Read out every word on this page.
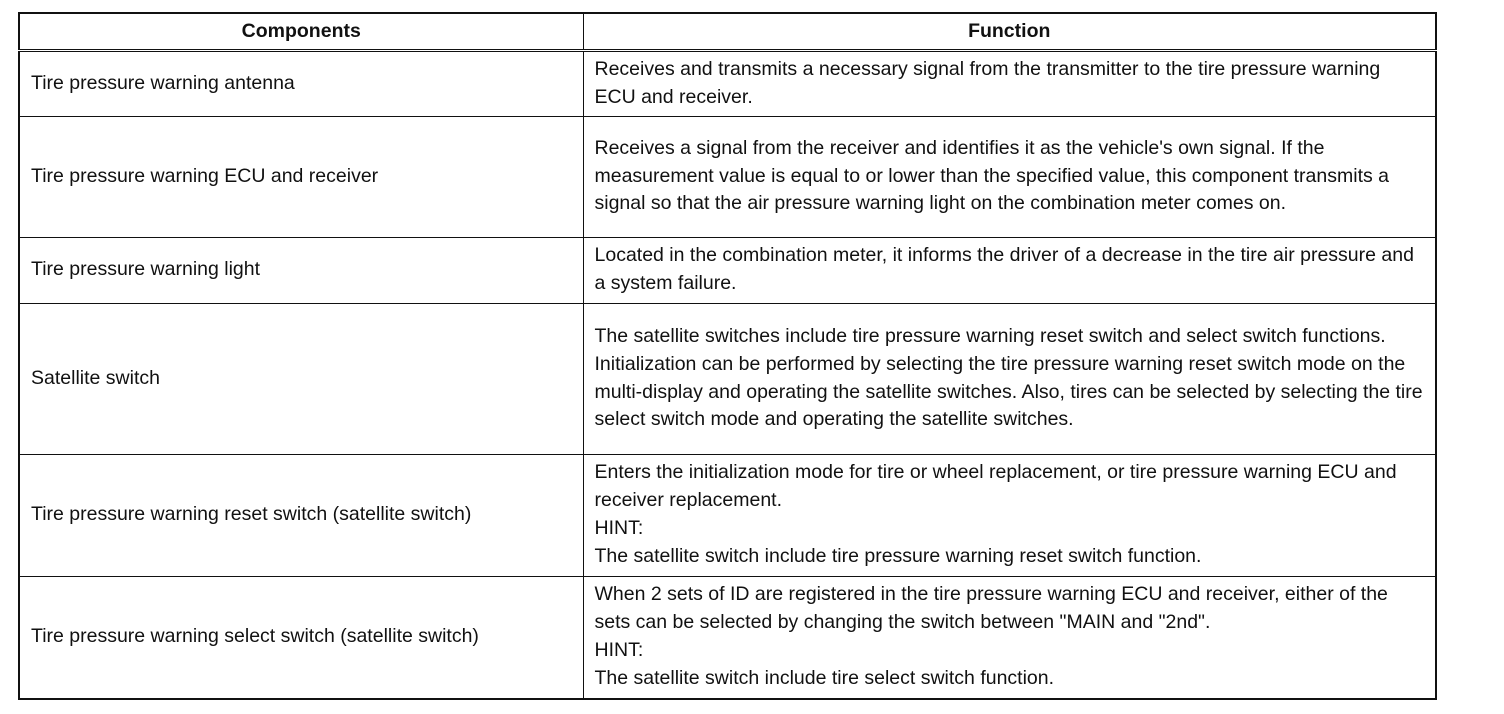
Components	Function
Tire pressure warning antenna	Receives and transmits a necessary signal from the transmitter to the tire pressure warning ECU and receiver.

Tire pressure warning ECU and receiver	Receives a signal from the receiver and identifies it as the vehicle's own signal. If the measurement value is equal to or lower than the specified value, this component transmits a signal so that the air pressure warning light on the combination meter comes on.

Tire pressure warning light	Located in the combination meter, it informs the driver of a decrease in the tire air pressure and a system failure.

Satellite switch	The satellite switches include tire pressure warning reset switch and select switch functions. Initialization can be performed by selecting the tire pressure warning reset switch mode on the multi-display and operating the satellite switches. Also, tires can be selected by selecting the tire select switch mode and operating the satellite switches.

Tire pressure warning reset switch (satellite switch)	Enters the initialization mode for tire or wheel replacement, or tire pressure warning ECU and receiver replacement.
HINT:
The satellite switch include tire pressure warning reset switch function.

Tire pressure warning select switch (satellite switch)	When 2 sets of ID are registered in the tire pressure warning ECU and receiver, either of the sets can be selected by changing the switch between "MAIN and "2nd".
HINT:
The satellite switch include tire select switch function.
